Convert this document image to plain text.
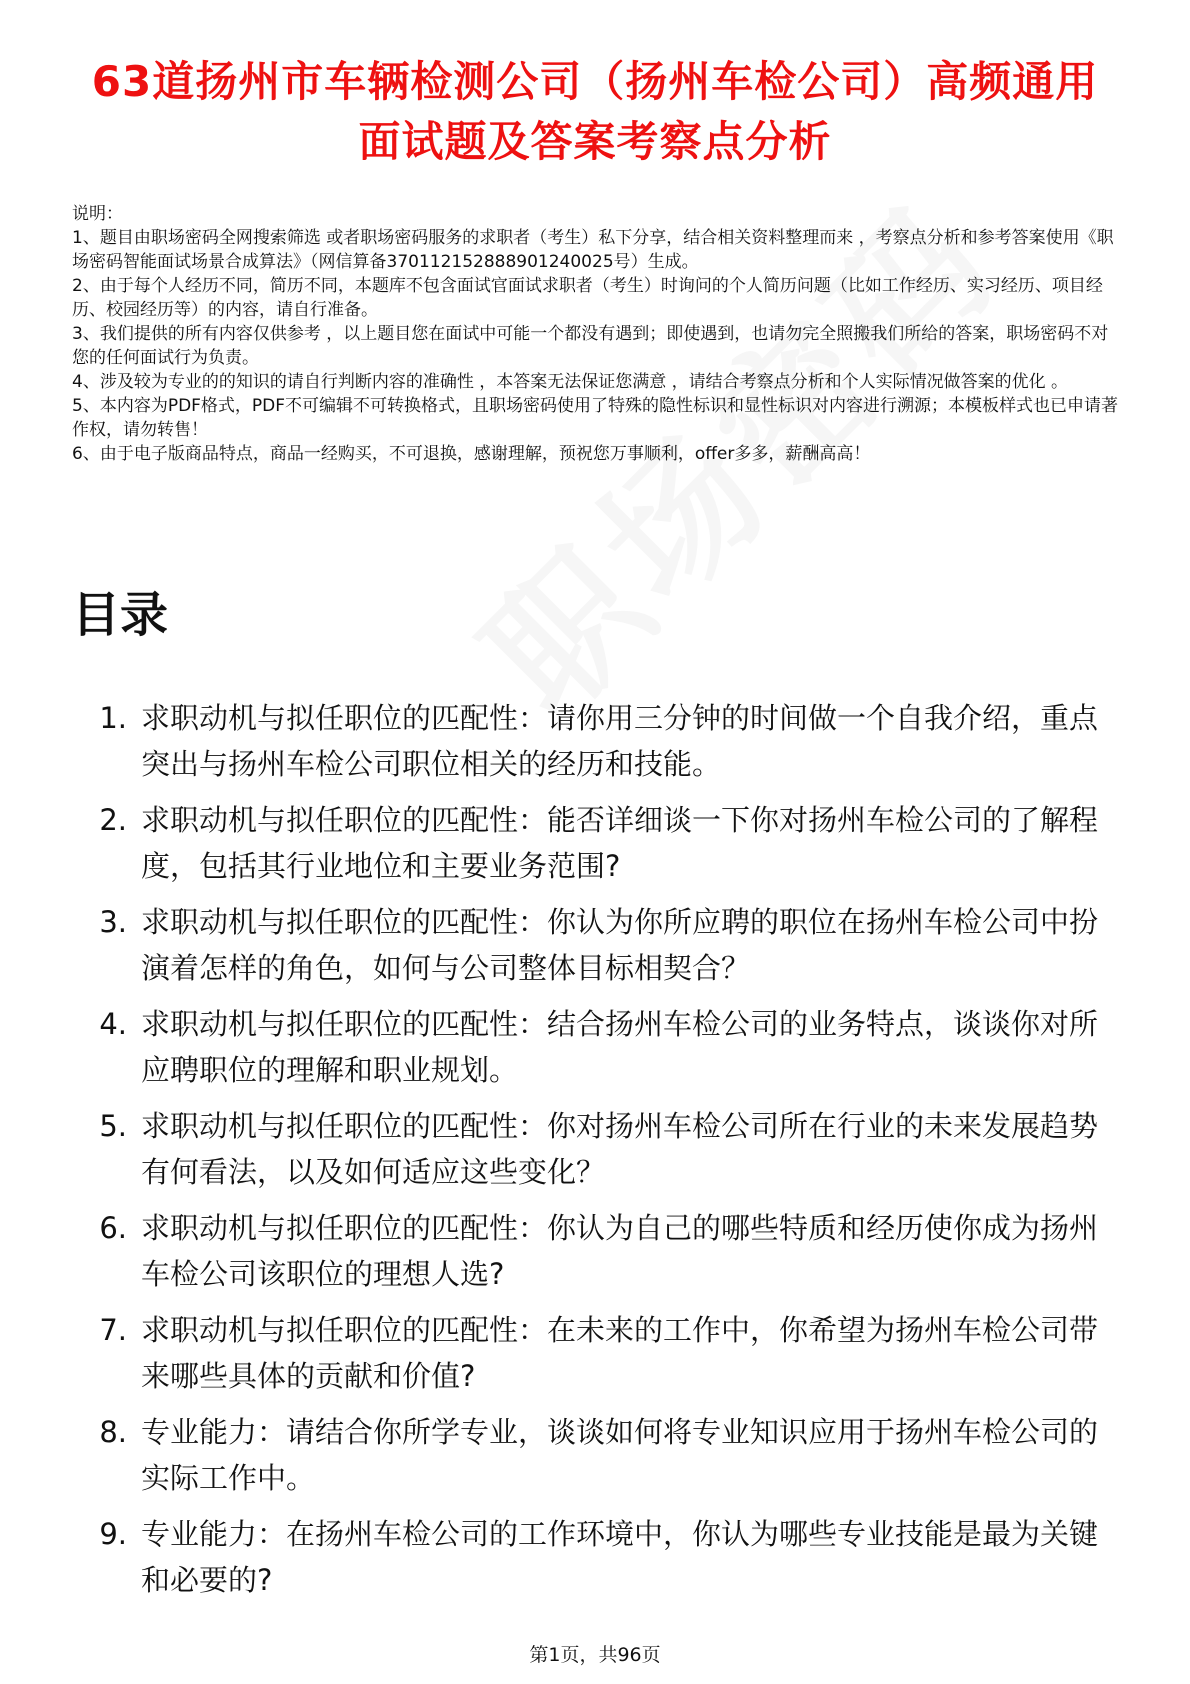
63道扬州市车辆检测公司（扬州车检公司）高频通用面试题及答案考察点分析

说明：

1、题目由职场密码全网搜索筛选 或者职场密码服务的求职者（考生）私下分享，结合相关资料整理而来 ，考察点分析和参考答案使用《职场密码智能面试场景合成算法》（网信算备370112152888901240025号）生成。

2、由于每个人经历不同，简历不同，本题库不包含面试官面试求职者（考生）时询问的个人简历问题（比如工作经历、实习经历、项目经历、校园经历等）的内容，请自行准备。

3、我们提供的所有内容仅供参考 ，以上题目您在面试中可能一个都没有遇到；即使遇到，也请勿完全照搬我们所给的答案，职场密码不对您的任何面试行为负责。

4、涉及较为专业的的知识的请自行判断内容的准确性 ，本答案无法保证您满意 ，请结合考察点分析和个人实际情况做答案的优化 。

5、本内容为PDF格式，PDF不可编辑不可转换格式，且职场密码使用了特殊的隐性标识和显性标识对内容进行溯源；本模板样式也已申请著作权，请勿转售！

6、由于电子版商品特点，商品一经购买，不可退换，感谢理解，预祝您万事顺利，offer多多，薪酬高高！

目录
1. 求职动机与拟任职位的匹配性：请你用三分钟的时间做一个自我介绍，重点突出与扬州车检公司职位相关的经历和技能。
2. 求职动机与拟任职位的匹配性：能否详细谈一下你对扬州车检公司的了解程度，包括其行业地位和主要业务范围?
3. 求职动机与拟任职位的匹配性：你认为你所应聘的职位在扬州车检公司中扮演着怎样的角色，如何与公司整体目标相契合？
4. 求职动机与拟任职位的匹配性：结合扬州车检公司的业务特点，谈谈你对所应聘职位的理解和职业规划。
5. 求职动机与拟任职位的匹配性：你对扬州车检公司所在行业的未来发展趋势有何看法，以及如何适应这些变化？
6. 求职动机与拟任职位的匹配性：你认为自己的哪些特质和经历使你成为扬州车检公司该职位的理想人选?
7. 求职动机与拟任职位的匹配性：在未来的工作中，你希望为扬州车检公司带来哪些具体的贡献和价值?
8. 专业能力：请结合你所学专业，谈谈如何将专业知识应用于扬州车检公司的实际工作中。
9. 专业能力：在扬州车检公司的工作环境中，你认为哪些专业技能是最为关键和必要的?
第1页，共96页
